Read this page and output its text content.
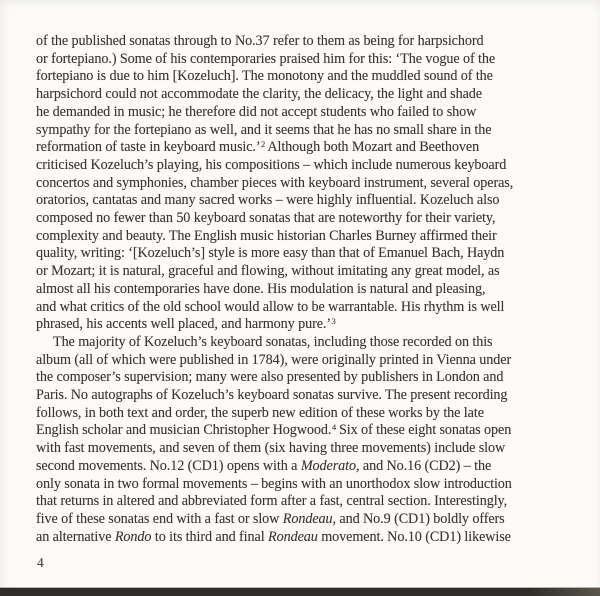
of the published sonatas through to No.37 refer to them as being for harpsichord
or fortepiano.) Some of his contemporaries praised him for this: ‘The vogue of the
fortepiano is due to him [Kozeluch]. The monotony and the muddled sound of the
harpsichord could not accommodate the clarity, the delicacy, the light and shade
he demanded in music; he therefore did not accept students who failed to show
sympathy for the fortepiano as well, and it seems that he has no small share in the
reformation of taste in keyboard music.’$^2$ Although both Mozart and Beethoven
criticised Kozeluch’s playing, his compositions – which include numerous keyboard
concertos and symphonies, chamber pieces with keyboard instrument, several operas,
oratorios, cantatas and many sacred works – were highly influential. Kozeluch also
composed no fewer than 50 keyboard sonatas that are noteworthy for their variety,
complexity and beauty. The English music historian Charles Burney affirmed their
quality, writing: ‘[Kozeluch’s] style is more easy than that of Emanuel Bach, Haydn
or Mozart; it is natural, graceful and flowing, without imitating any great model, as
almost all his contemporaries have done. His modulation is natural and pleasing,
and what critics of the old school would allow to be warrantable. His rhythm is well
phrased, his accents well placed, and harmony pure.’$^3$
The majority of Kozeluch’s keyboard sonatas, including those recorded on this
album (all of which were published in 1784), were originally printed in Vienna under
the composer’s supervision; many were also presented by publishers in London and
Paris. No autographs of Kozeluch’s keyboard sonatas survive. The present recording
follows, in both text and order, the superb new edition of these works by the late
English scholar and musician Christopher Hogwood.$^4$ Six of these eight sonatas open
with fast movements, and seven of them (six having three movements) include slow
second movements. No.12 (CD1) opens with a Moderato, and No.16 (CD2) – the
only sonata in two formal movements – begins with an unorthodox slow introduction
that returns in altered and abbreviated form after a fast, central section. Interestingly,
five of these sonatas end with a fast or slow Rondeau, and No.9 (CD1) boldly offers
an alternative Rondo to its third and final Rondeau movement. No.10 (CD1) likewise
4
